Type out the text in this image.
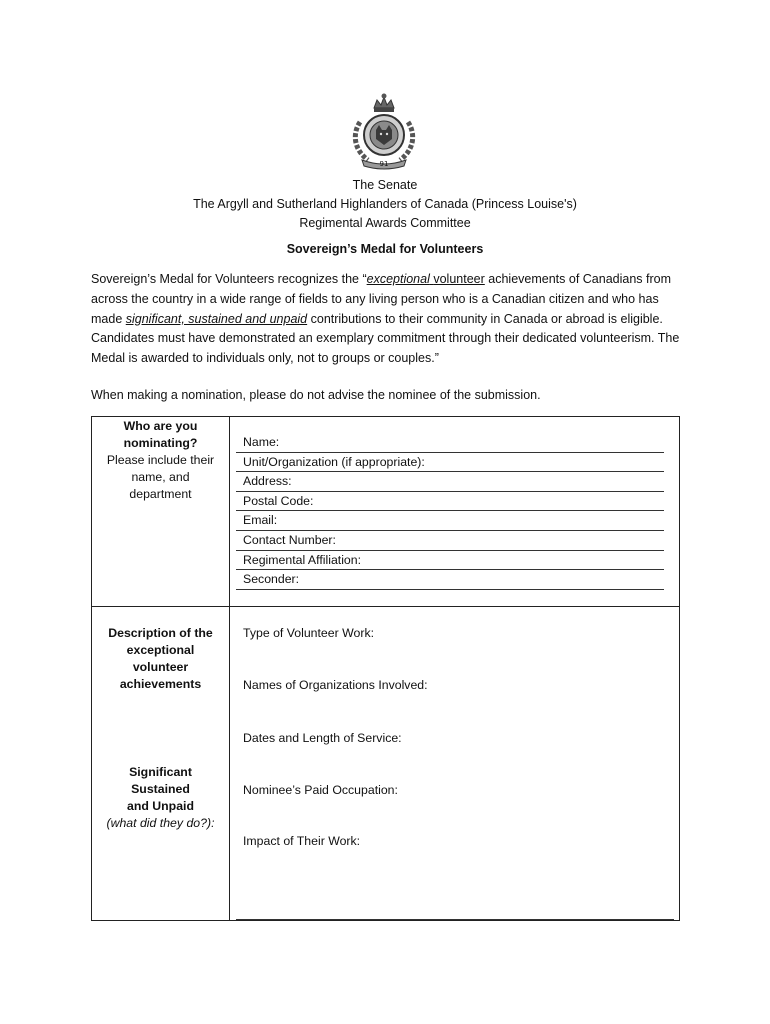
91
The Senate
The Argyll and Sutherland Highlanders of Canada (Princess Louise's)
Regimental Awards Committee
Sovereign’s Medal for Volunteers
Sovereign’s Medal for Volunteers recognizes the “exceptional volunteer achievements of Canadians from across the country in a wide range of fields to any living person who is a Canadian citizen and who has made significant, sustained and unpaid contributions to their community in Canada or abroad is eligible. Candidates must have demonstrated an exemplary commitment through their dedicated volunteerism. The Medal is awarded to individuals only, not to groups or couples.”
When making a nomination, please do not advise the nominee of the submission.
Who are you nominating?
Please include their name, and department
Name:
Unit/Organization (if appropriate):
Address:
Postal Code:
Email:
Contact Number:
Regimental Affiliation:
Seconder:
Description of the exceptional volunteer achievements
Significant
Sustained
and Unpaid
(what did they do?):
Type of Volunteer Work:
Names of Organizations Involved:
Dates and Length of Service:
Nominee’s Paid Occupation:
Impact of Their Work:
